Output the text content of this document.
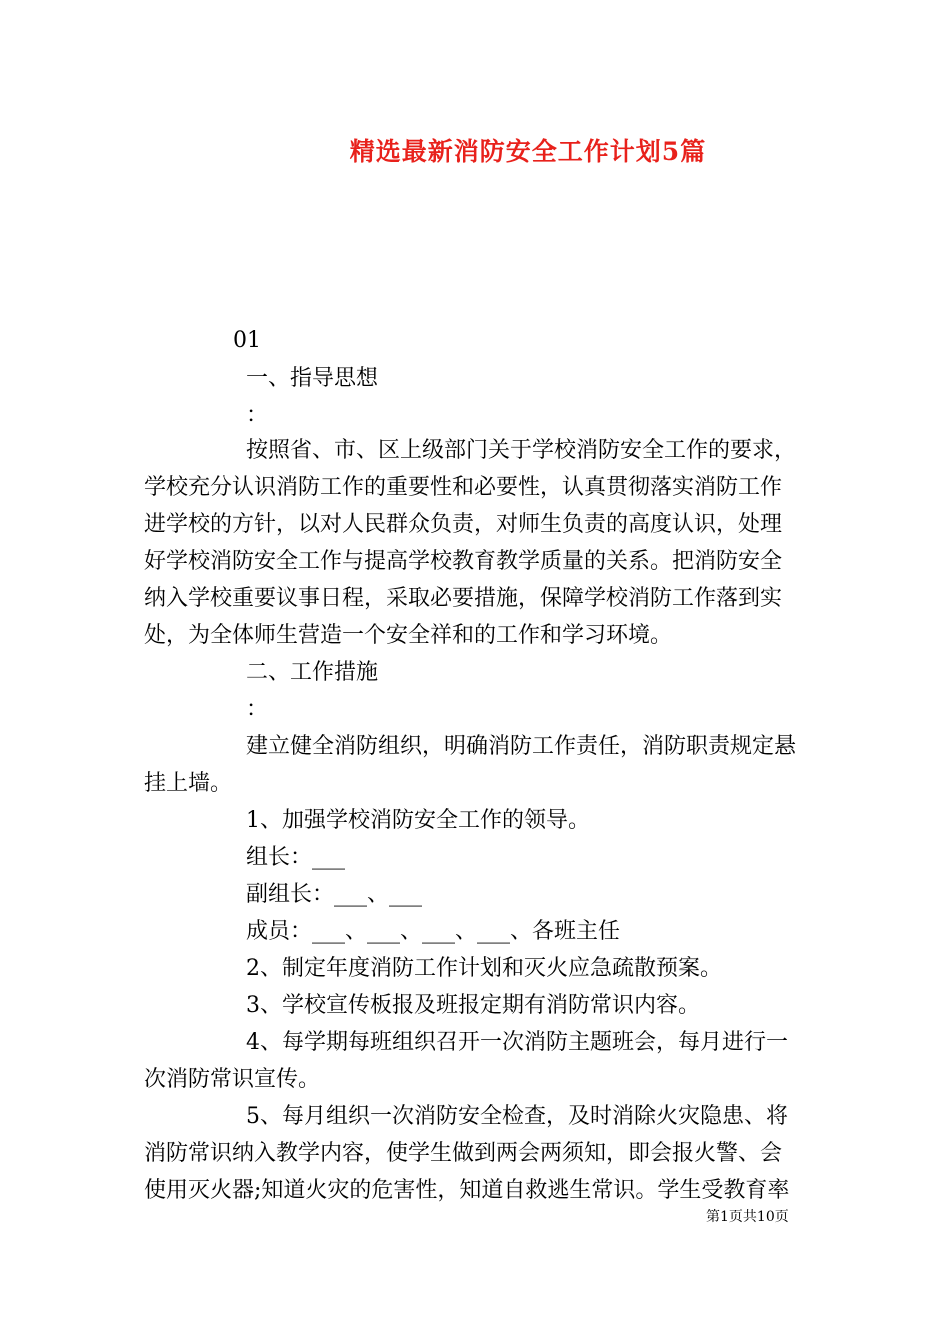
精选最新消防安全工作计划5篇
01
一、指导思想
：
按照省、市、区上级部门关于学校消防安全工作的要求，
学校充分认识消防工作的重要性和必要性，认真贯彻落实消防工作
进学校的方针，以对人民群众负责，对师生负责的高度认识，处理
好学校消防安全工作与提高学校教育教学质量的关系。把消防安全
纳入学校重要议事日程，采取必要措施，保障学校消防工作落到实
处，为全体师生营造一个安全祥和的工作和学习环境。
二、工作措施
：
建立健全消防组织，明确消防工作责任，消防职责规定悬
挂上墙。
1、加强学校消防安全工作的领导。
组长：___
副组长：___、___
成员：___、___、___、___、各班主任
2、制定年度消防工作计划和灭火应急疏散预案。
3、学校宣传板报及班报定期有消防常识内容。
4、每学期每班组织召开一次消防主题班会，每月进行一
次消防常识宣传。
5、每月组织一次消防安全检查，及时消除火灾隐患、将
消防常识纳入教学内容，使学生做到两会两须知，即会报火警、会
使用灭火器;知道火灾的危害性，知道自救逃生常识。学生受教育率
第1页共10页
